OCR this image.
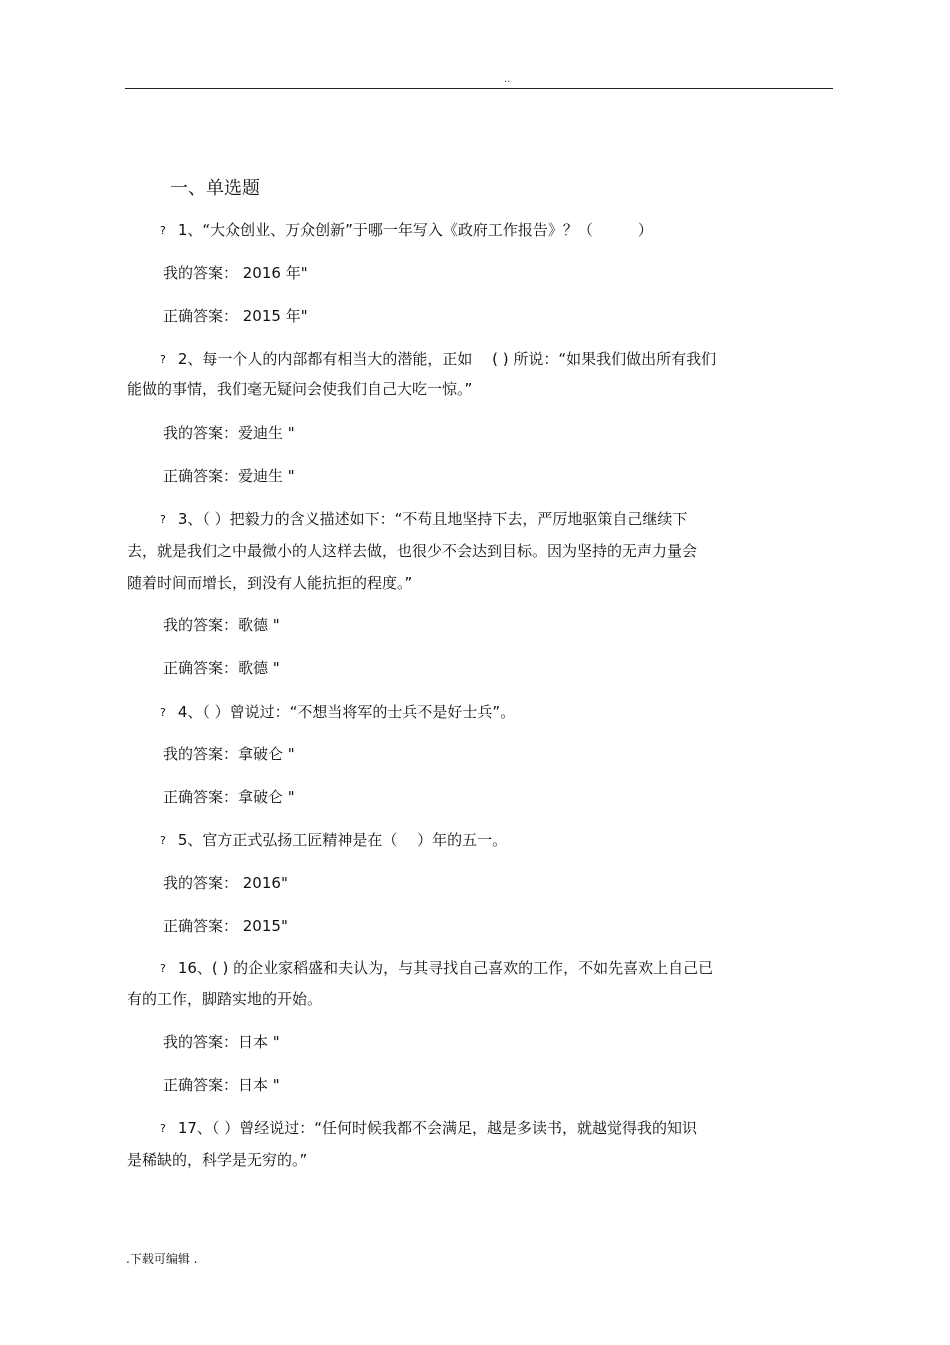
..
一、单选题
? 1、“大众创业、万众创新”于哪一年写入《政府工作报告》？（　　　）
我的答案： 2016 年"
正确答案： 2015 年"
? 2、每一个人的内部都有相当大的潜能，正如　 ( ) 所说：“如果我们做出所有我们
能做的事情，我们毫无疑问会使我们自己大吃一惊。”
我的答案：爱迪生 "
正确答案：爱迪生 "
? 3、（ ）把毅力的含义描述如下：“不苟且地坚持下去，严厉地驱策自己继续下
去，就是我们之中最微小的人这样去做，也很少不会达到目标。因为坚持的无声力量会
随着时间而增长，到没有人能抗拒的程度。”
我的答案：歌德 "
正确答案：歌德 "
? 4、（ ）曾说过：“不想当将军的士兵不是好士兵”。
我的答案：拿破仑 "
正确答案：拿破仑 "
? 5、官方正式弘扬工匠精神是在（　 ）年的五一。
我的答案： 2016"
正确答案： 2015"
? 16、( ) 的企业家稻盛和夫认为，与其寻找自己喜欢的工作，不如先喜欢上自己已
有的工作，脚踏实地的开始。
我的答案：日本 "
正确答案：日本 "
? 17、（ ）曾经说过：“任何时候我都不会满足，越是多读书，就越觉得我的知识
是稀缺的，科学是无穷的。”
.下载可编辑 .
